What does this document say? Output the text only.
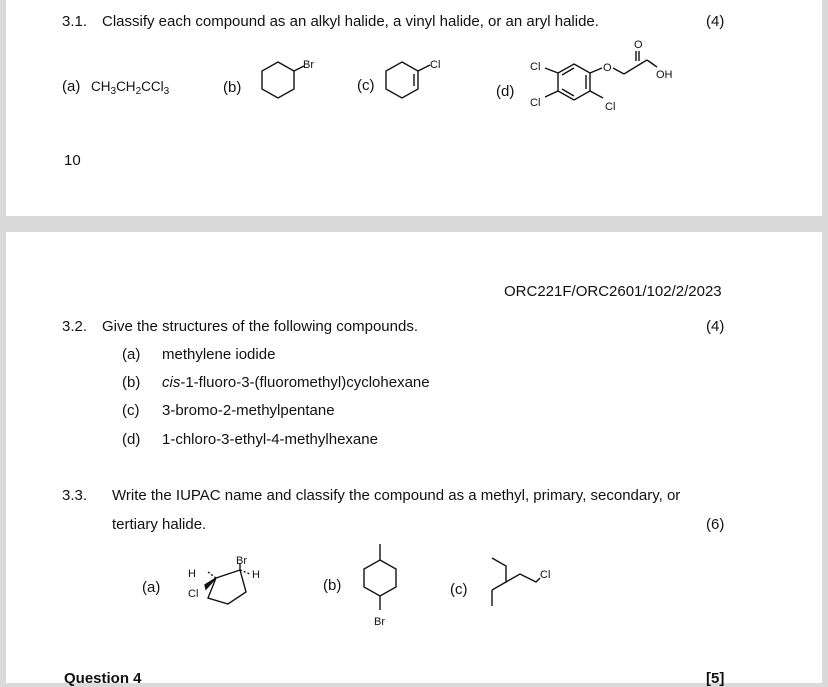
3.1. Classify each compound as an alkyl halide, a vinyl halide, or an aryl halide.	(4)
(a) $CH_3CH_2CCl_3$	(b)
Br
(c)
Cl
(d)
Cl
Cl	Cl
O
O
OH
10
ORC221F/ORC2601/102/2/2023
3.2. Give the structures of the following compounds.	(4)
(a) methylene iodide
(b) cis-1-fluoro-3-(fluoromethyl)cyclohexane
(c) 3-bromo-2-methylpentane
(d) 1-chloro-3-ethyl-4-methylhexane
3.3. Write the IUPAC name and classify the compound as a methyl, primary, secondary, or
tertiary halide.	(6)
(a)
Br
H
H
Cl	(b)
Br
(c)
Cl
Question 4	[5]
